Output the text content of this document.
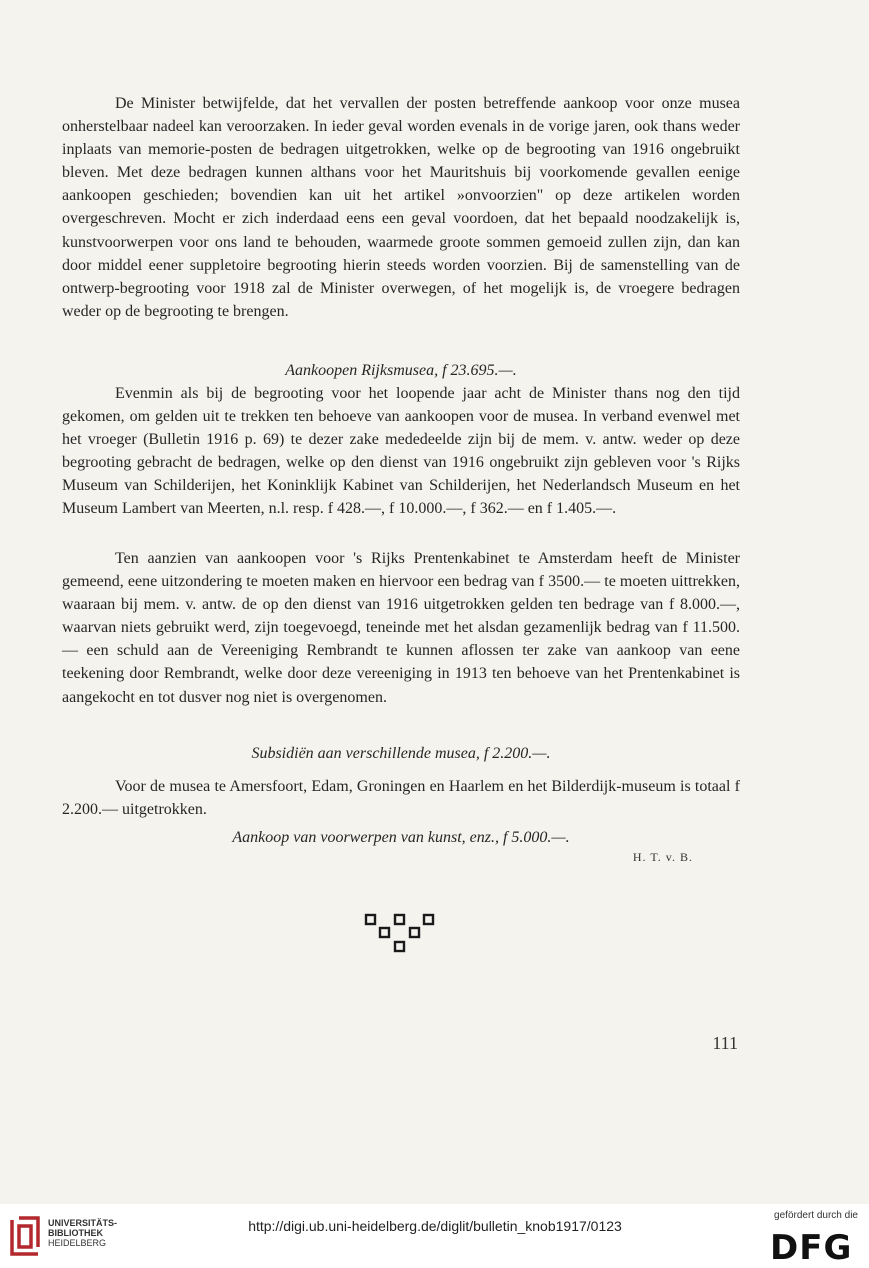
De Minister betwijfelde, dat het vervallen der posten betreffende aankoop voor onze musea onherstelbaar nadeel kan veroorzaken. In ieder geval worden evenals in de vorige jaren, ook thans weder inplaats van memorie-posten de bedragen uitgetrokken, welke op de begrooting van 1916 ongebruikt bleven. Met deze bedragen kunnen althans voor het Mauritshuis bij voorkomende gevallen eenige aankoopen geschieden; bovendien kan uit het artikel »onvoorzien" op deze artikelen worden overgeschreven. Mocht er zich inderdaad eens een geval voordoen, dat het bepaald noodzakelijk is, kunstvoorwerpen voor ons land te behouden, waarmede groote sommen gemoeid zullen zijn, dan kan door middel eener suppletoire begrooting hierin steeds worden voorzien. Bij de samenstelling van de ontwerp-begrooting voor 1918 zal de Minister overwegen, of het mogelijk is, de vroegere bedragen weder op de begrooting te brengen.

Aankoopen Rijksmusea, f 23.695.—.

Evenmin als bij de begrooting voor het loopende jaar acht de Minister thans nog den tijd gekomen, om gelden uit te trekken ten behoeve van aankoopen voor de musea. In verband evenwel met het vroeger (Bulletin 1916 p. 69) te dezer zake mededeelde zijn bij de mem. v. antw. weder op deze begrooting gebracht de bedragen, welke op den dienst van 1916 ongebruikt zijn gebleven voor 's Rijks Museum van Schilderijen, het Koninklijk Kabinet van Schilderijen, het Nederlandsch Museum en het Museum Lambert van Meerten, n.l. resp. f 428.—, f 10.000.—, f 362.— en f 1.405.—.

Ten aanzien van aankoopen voor 's Rijks Prentenkabinet te Amsterdam heeft de Minister gemeend, eene uitzondering te moeten maken en hiervoor een bedrag van f 3500.— te moeten uittrekken, waaraan bij mem. v. antw. de op den dienst van 1916 uitgetrokken gelden ten bedrage van f 8.000.—, waarvan niets gebruikt werd, zijn toegevoegd, teneinde met het alsdan gezamenlijk bedrag van f 11.500.— een schuld aan de Vereeniging Rembrandt te kunnen aflossen ter zake van aankoop van eene teekening door Rembrandt, welke door deze vereeniging in 1913 ten behoeve van het Prentenkabinet is aangekocht en tot dusver nog niet is overgenomen.

Subsidiën aan verschillende musea, f 2.200.—.

Voor de musea te Amersfoort, Edam, Groningen en Haarlem en het Bilderdijk-museum is totaal f 2.200.— uitgetrokken.

Aankoop van voorwerpen van kunst, enz., f 5.000.—.
H. T. v. B.
111
UNIVERSITÄTS-
BIBLIOTHEK
HEIDELBERG
http://digi.ub.uni-heidelberg.de/diglit/bulletin_knob1917/0123
gefördert durch die
DFG
